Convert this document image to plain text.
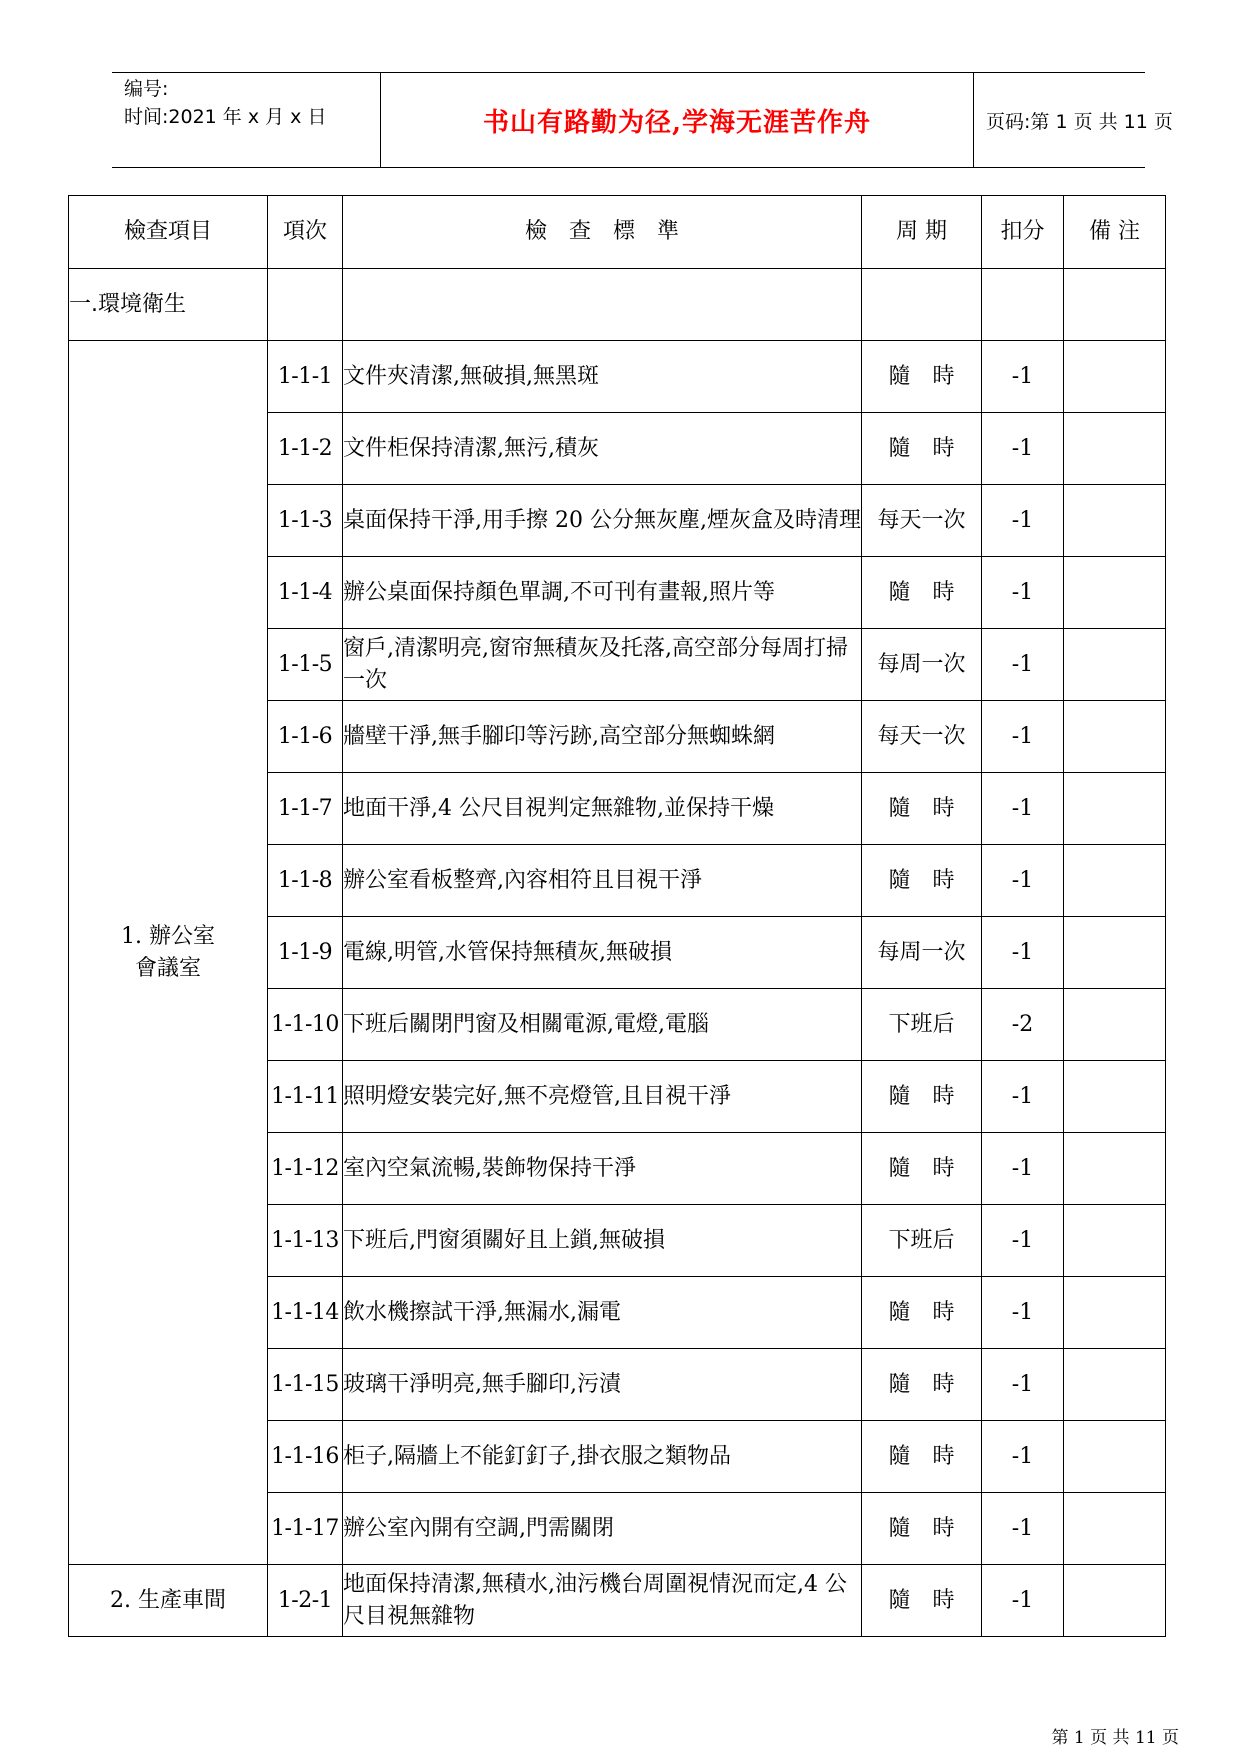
编号:
时间:2021 年 x 月 x 日	书山有路勤为径,学海无涯苦作舟	页码:第 1 页 共 11 页
檢查項目	項次	檢　查　標　準	周 期	扣分	備 注
一.環境衛生					

1. 辦公室
會議室	1-1-1	文件夾清潔,無破損,無黑斑	隨　時	-1	
	1-1-2	文件柜保持清潔,無污,積灰	隨　時	-1	
	1-1-3	桌面保持干淨,用手擦 20 公分無灰塵,煙灰盒及時清理	每天一次	-1	
	1-1-4	辦公桌面保持顏色單調,不可刊有畫報,照片等	隨　時	-1	
	1-1-5	窗戶,清潔明亮,窗帘無積灰及托落,高空部分每周打掃一次	每周一次	-1	
	1-1-6	牆壁干淨,無手腳印等污跡,高空部分無蜘蛛網	每天一次	-1	
	1-1-7	地面干淨,4 公尺目視判定無雜物,並保持干燥	隨　時	-1	
	1-1-8	辦公室看板整齊,內容相符且目視干淨	隨　時	-1	
	1-1-9	電線,明管,水管保持無積灰,無破損	每周一次	-1	
	1-1-10	下班后關閉門窗及相關電源,電燈,電腦	下班后	-2	
	1-1-11	照明燈安裝完好,無不亮燈管,且目視干淨	隨　時	-1	
	1-1-12	室內空氣流暢,裝飾物保持干淨	隨　時	-1	
	1-1-13	下班后,門窗須關好且上鎖,無破損	下班后	-1	
	1-1-14	飲水機擦試干淨,無漏水,漏電	隨　時	-1	
	1-1-15	玻璃干淨明亮,無手腳印,污漬	隨　時	-1	
	1-1-16	柜子,隔牆上不能釘釘子,掛衣服之類物品	隨　時	-1	
	1-1-17	辦公室內開有空調,門需關閉	隨　時	-1	
2. 生產車間	1-2-1	地面保持清潔,無積水,油污機台周圍視情況而定,4 公尺目視無雜物	隨　時	-1	
第 1 页 共 11 页
